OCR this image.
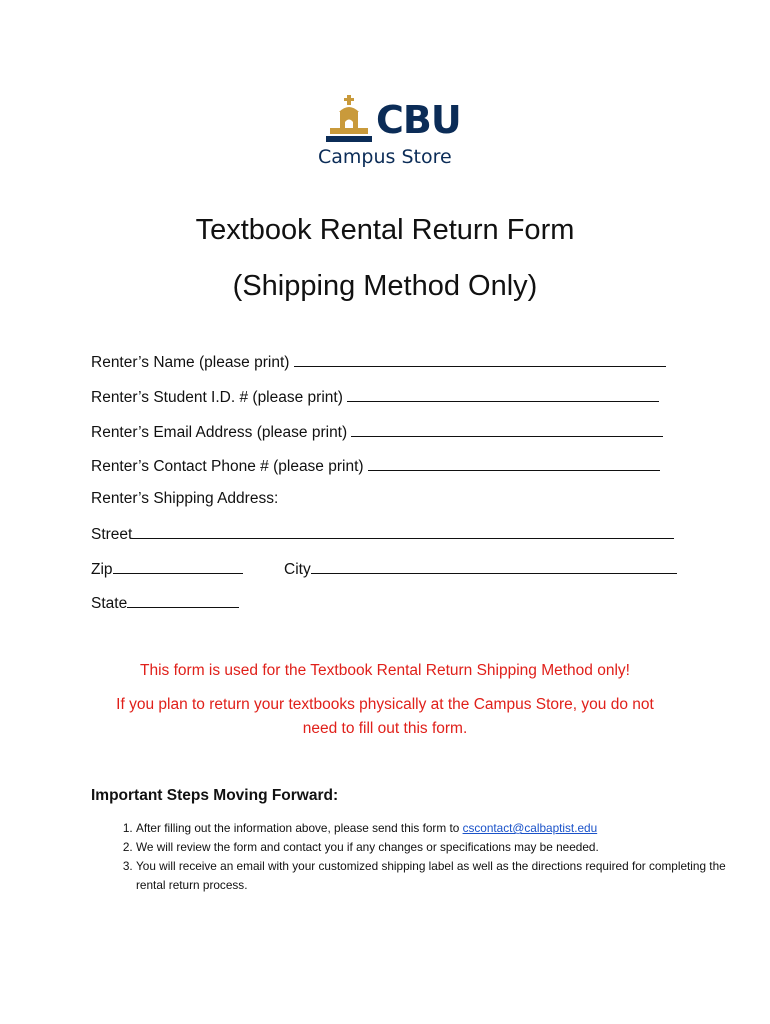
CBU
Campus Store
Textbook Rental Return Form
(Shipping Method Only)
Renter’s Name (please print)
Renter’s Student I.D. # (please print)
Renter’s Email Address (please print)
Renter’s Contact Phone # (please print)
Renter’s Shipping Address:
Street
Zip	City
State
This form is used for the Textbook Rental Return Shipping Method only!
If you plan to return your textbooks physically at the Campus Store, you do not
need to fill out this form.
Important Steps Moving Forward:
1. After filling out the information above, please send this form to cscontact@calbaptist.edu
2. We will review the form and contact you if any changes or specifications may be needed.
3. You will receive an email with your customized shipping label as well as the directions required for completing the rental return process.
